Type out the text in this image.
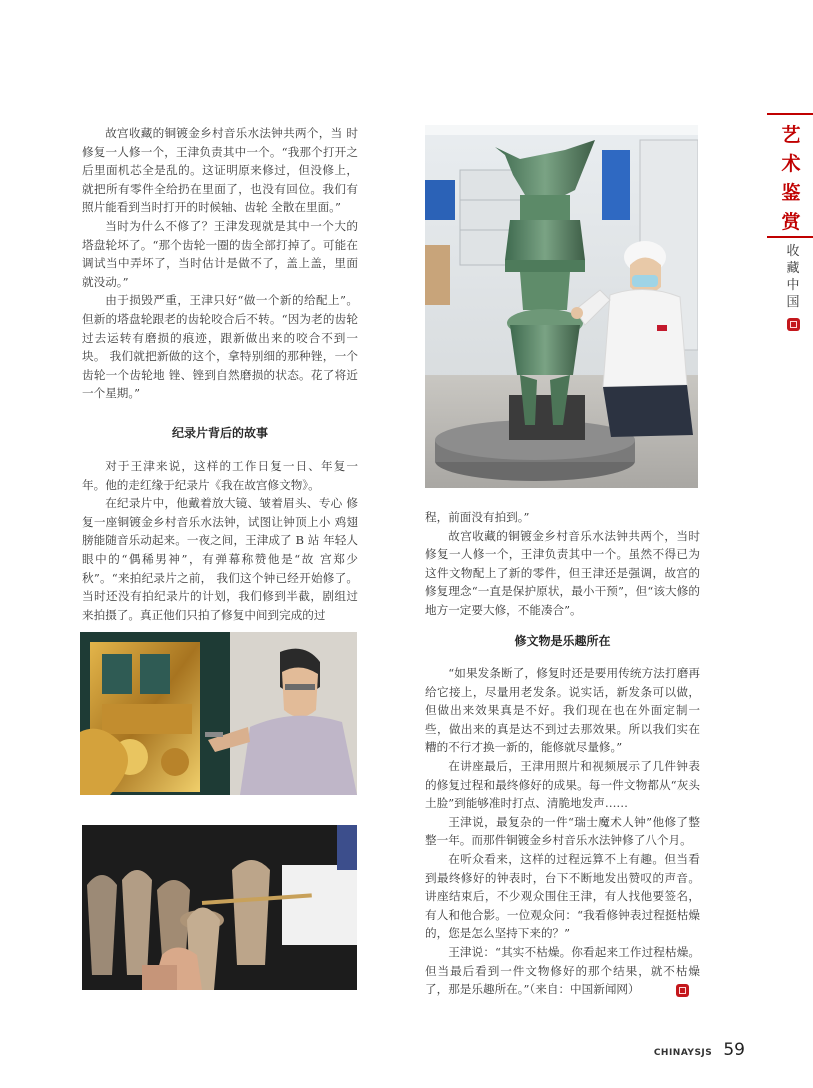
故宫收藏的铜镀金乡村音乐水法钟共两个，当 时修复一人修一个，王津负责其中一个。“我那个打开之后里面机芯全是乱的。这证明原来修过，但没修上，就把所有零件全给扔在里面了，也没有回位。我们有照片能看到当时打开的时候轴、齿轮 全散在里面。”

当时为什么不修了？王津发现就是其中一个大的塔盘轮坏了。“那个齿轮一圈的齿全部打掉了。可能在调试当中弄坏了，当时估计是做不了，盖上盖，里面就没动。”

由于损毁严重，王津只好“做一个新的给配上”。但新的塔盘轮跟老的齿轮咬合后不转。“因为老的齿轮过去运转有磨损的痕迹，跟新做出来的咬合不到一块。 我们就把新做的这个，拿特别细的那种锉，一个齿轮一个齿轮地 锉、锉到自然磨损的状态。花了将近一个星期。”

纪录片背后的故事

对于王津来说，这样的工作日复一日、年复一 年。他的走红缘于纪录片《我在故宫修文物》。

在纪录片中，他戴着放大镜、皱着眉头、专心 修复一座铜镀金乡村音乐水法钟，试图让钟顶上小 鸡翅膀能随音乐动起来。一夜之间，王津成了 B 站 年轻人眼中的“偶稀男神”，有弹幕称赞他是“故 宫郑少秋”。“来拍纪录片之前， 我们这个钟已经开始修了。当时还没有拍纪录片的计划，我们修到半截，剧组过来拍摄了。真正他们只拍了修复中间到完成的过

程，前面没有拍到。”

故宫收藏的铜镀金乡村音乐水法钟共两个，当时修复一人修一个，王津负责其中一个。虽然不得已为这件文物配上了新的零件，但王津还是强调，故宫的修复理念“一直是保护原状，最小干预”，但“该大修的地方一定要大修，不能凑合”。

修文物是乐趣所在

“如果发条断了，修复时还是要用传统方法打磨再给它接上，尽量用老发条。说实话，新发条可以做，但做出来效果真是不好。我们现在也在外面定制一些，做出来的真是达不到过去那效果。所以我们实在糟的不行才换一新的，能修就尽量修。”

在讲座最后，王津用照片和视频展示了几件钟表的修复过程和最终修好的成果。每一件文物都从“灰头土脸”到能够准时打点、清脆地发声……

王津说，最复杂的一件“瑞士魔术人钟”他修了整整一年。而那件铜镀金乡村音乐水法钟修了八个月。

在听众看来，这样的过程远算不上有趣。但当看到最终修好的钟表时，台下不断地发出赞叹的声音。讲座结束后，不少观众围住王津，有人找他要签名，有人和他合影。一位观众问：“我看修钟表过程挺枯燥的，您是怎么坚持下来的？”

王津说：“其实不枯燥。你看起来工作过程枯燥。但当最后看到一件文物修好的那个结果，就不枯燥了，那是乐趣所在。”（来自：中国新闻网）

艺
术
鉴
赏
收
藏
中
国
CHINAYSJS 59
